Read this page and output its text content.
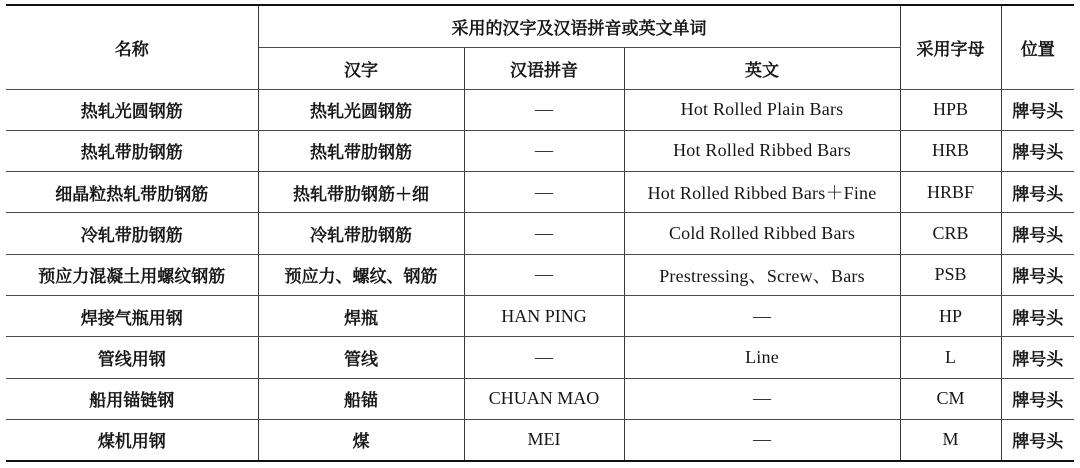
名称	采用的汉字及汉语拼音或英文单词			采用字母	位置
	汉字	汉语拼音	英文		
热轧光圆钢筋	热轧光圆钢筋	—	Hot Rolled Plain Bars	HPB	牌号头
热轧带肋钢筋	热轧带肋钢筋	—	Hot Rolled Ribbed Bars	HRB	牌号头
细晶粒热轧带肋钢筋	热轧带肋钢筋＋细	—	Hot Rolled Ribbed Bars＋Fine	HRBF	牌号头
冷轧带肋钢筋	冷轧带肋钢筋	—	Cold Rolled Ribbed Bars	CRB	牌号头
预应力混凝土用螺纹钢筋	预应力、螺纹、钢筋	—	Prestressing、Screw、Bars	PSB	牌号头
焊接气瓶用钢	焊瓶	HAN PING	—	HP	牌号头
管线用钢	管线	—	Line	L	牌号头
船用锚链钢	船锚	CHUAN MAO	—	CM	牌号头
煤机用钢	煤	MEI	—	M	牌号头
